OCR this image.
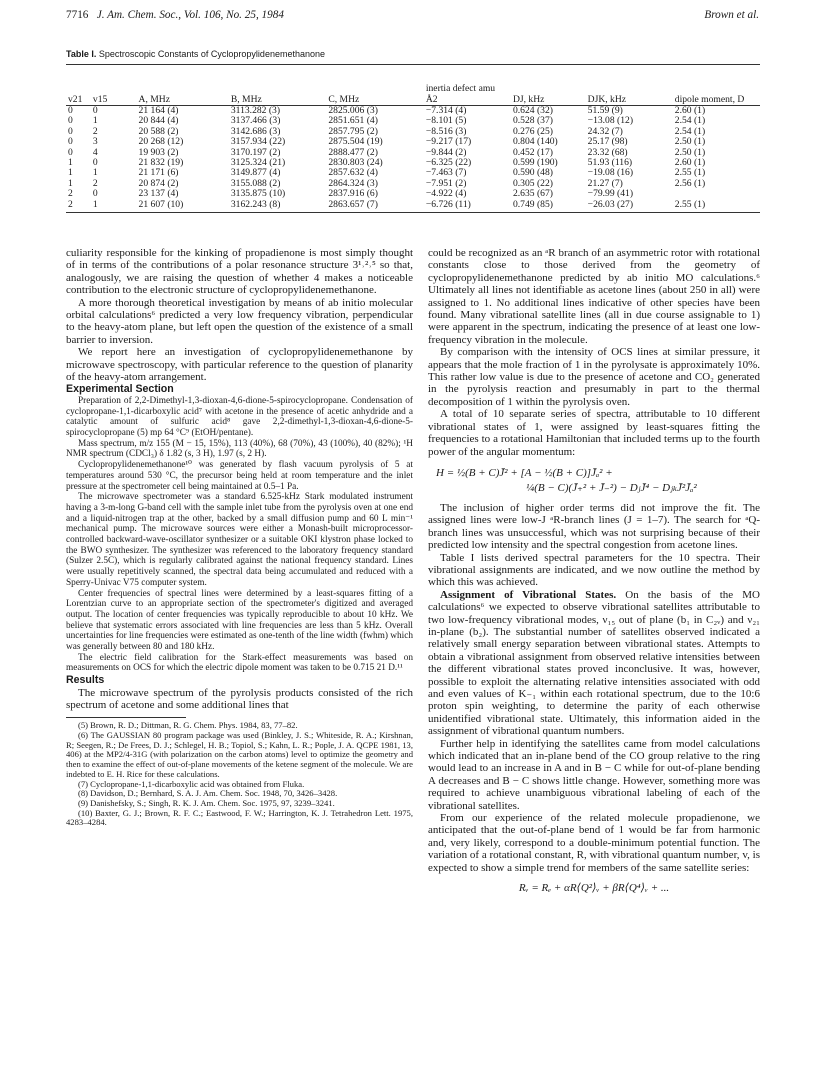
7716 J. Am. Chem. Soc., Vol. 106, No. 25, 1984	Brown et al.
Table I. Spectroscopic Constants of Cyclopropylidenemethanone
v21	v15	A, MHz	B, MHz	C, MHz	inertia defect amu Å2	DJ, kHz	DJK, kHz	dipole moment, D
0	0	21 164 (4)	3113.282 (3)	2825.006 (3)	−7.314 (4)	0.624 (32)	51.59 (9)	2.60 (1)
0	1	20 844 (4)	3137.466 (3)	2851.651 (4)	−8.101 (5)	0.528 (37)	−13.08 (12)	2.54 (1)
0	2	20 588 (2)	3142.686 (3)	2857.795 (2)	−8.516 (3)	0.276 (25)	24.32 (7)	2.54 (1)
0	3	20 268 (12)	3157.934 (22)	2875.504 (19)	−9.217 (17)	0.804 (140)	25.17 (98)	2.50 (1)
0	4	19 903 (2)	3170.197 (2)	2888.477 (2)	−9.844 (2)	0.452 (17)	23.32 (68)	2.50 (1)
1	0	21 832 (19)	3125.324 (21)	2830.803 (24)	−6.325 (22)	0.599 (190)	51.93 (116)	2.60 (1)
1	1	21 171 (6)	3149.877 (4)	2857.632 (4)	−7.463 (7)	0.590 (48)	−19.08 (16)	2.55 (1)
1	2	20 874 (2)	3155.088 (2)	2864.324 (3)	−7.951 (2)	0.305 (22)	21.27 (7)	2.56 (1)
2	0	23 137 (4)	3135.875 (10)	2837.916 (6)	−4.922 (4)	2.635 (67)	−79.99 (41)	
2	1	21 607 (10)	3162.243 (8)	2863.657 (7)	−6.726 (11)	0.749 (85)	−26.03 (27)	2.55 (1)

culiarity responsible for the kinking of propadienone is most simply thought of in terms of the contributions of a polar resonance structure 3¹˒²˒⁵ so that, analogously, we are raising the question of whether 4 makes a noticeable contribution to the electronic structure of cyclopropylidenemethanone.

A more thorough theoretical investigation by means of ab initio molecular orbital calculations⁶ predicted a very low frequency vibration, perpendicular to the heavy-atom plane, but left open the question of the existence of a small barrier to inversion.

We report here an investigation of cyclopropylidenemethanone by microwave spectroscopy, with particular reference to the question of planarity of the heavy-atom arrangement.

Experimental Section

Preparation of 2,2-Dimethyl-1,3-dioxan-4,6-dione-5-spirocyclopropane. Condensation of cyclopropane-1,1-dicarboxylic acid⁷ with acetone in the presence of acetic anhydride and a catalytic amount of sulfuric acid⁸ gave 2,2-dimethyl-1,3-dioxan-4,6-dione-5-spirocyclopropane (5) mp 64 °C⁹ (EtOH/pentane).

Mass spectrum, m/z 155 (M − 15, 15%), 113 (40%), 68 (70%), 43 (100%), 40 (82%); ¹H NMR spectrum (CDCl₃) δ 1.82 (s, 3 H), 1.97 (s, 2 H).

Cyclopropylidenemethanone¹⁰ was generated by flash vacuum pyrolysis of 5 at temperatures around 530 °C, the precursor being held at room temperature and the inlet pressure at the spectrometer cell being maintained at 0.5–1 Pa.

The microwave spectrometer was a standard 6.525-kHz Stark modulated instrument having a 3-m-long G-band cell with the sample inlet tube from the pyrolysis oven at one end and a liquid-nitrogen trap at the other, backed by a small diffusion pump and 60 L min⁻¹ mechanical pump. The microwave sources were either a Monash-built microprocessor-controlled backward-wave-oscillator synthesizer or a suitable OKI klystron phase locked to the BWO synthesizer. The synthesizer was referenced to the laboratory frequency standard (Sulzer 2.5C), which is regularly calibrated against the national frequency standard. Lines were usually repetitively scanned, the spectral data being accumulated and reduced with a Sperry-Univac V75 computer system.

Center frequencies of spectral lines were determined by a least-squares fitting of a Lorentzian curve to an appropriate section of the spectrometer's digitized and averaged output. The location of center frequencies was typically reproducible to about 10 kHz. We believe that systematic errors associated with line frequencies are less than 5 kHz. Overall uncertainties for line frequencies were estimated as one-tenth of the line width (fwhm) which was generally between 80 and 180 kHz.

The electric field calibration for the Stark-effect measurements was based on measurements on OCS for which the electric dipole moment was taken to be 0.715 21 D.¹¹

Results

The microwave spectrum of the pyrolysis products consisted of the rich spectrum of acetone and some additional lines that

(5) Brown, R. D.; Dittman, R. G. Chem. Phys. 1984, 83, 77–82.

(6) The GAUSSIAN 80 program package was used (Binkley, J. S.; Whiteside, R. A.; Kirshnan, R; Seegen, R.; De Frees, D. J.; Schlegel, H. B.; Topiol, S.; Kahn, L. R.; Pople, J. A. QCPE 1981, 13, 406) at the MP2/4-31G (with polarization on the carbon atoms) level to optimize the geometry and then to examine the effect of out-of-plane movements of the ketene segment of the molecule. We are indebted to E. H. Rice for these calculations.

(7) Cyclopropane-1,1-dicarboxylic acid was obtained from Fluka.

(8) Davidson, D.; Bernhard, S. A. J. Am. Chem. Soc. 1948, 70, 3426–3428.

(9) Danishefsky, S.; Singh, R. K. J. Am. Chem. Soc. 1975, 97, 3239–3241.

(10) Baxter, G. J.; Brown, R. F. C.; Eastwood, F. W.; Harrington, K. J. Tetrahedron Lett. 1975, 4283–4284.

could be recognized as an ᵃR branch of an asymmetric rotor with rotational constants close to those derived from the geometry of cyclopropylidenemethanone predicted by ab initio MO calculations.⁶ Ultimately all lines not identifiable as acetone lines (about 250 in all) were assigned to 1. No additional lines indicative of other species have been found. Many vibrational satellite lines (all in due course assignable to 1) were apparent in the spectrum, indicating the presence of at least one low-frequency vibration in the molecule.

By comparison with the intensity of OCS lines at similar pressure, it appears that the mole fraction of 1 in the pyrolysate is approximately 10%. This rather low value is due to the presence of acetone and CO₂ generated in the pyrolysis reaction and presumably in part to the thermal decomposition of 1 within the pyrolysis oven.

A total of 10 separate series of spectra, attributable to 10 different vibrational states of 1, were assigned by least-squares fitting the frequencies to a rotational Hamiltonian that included terms up to the fourth power of the angular momentum:

H = ½(B + C)J̄² + [A − ½(B + C)]J̄ₐ² +
¼(B − C)(J̄₊² + J̄₋²) − DⱼJ̄⁴ − DⱼₖJ̄²J̄ₐ²

The inclusion of higher order terms did not improve the fit. The assigned lines were low-J ᵃR-branch lines (J = 1–7). The search for ᵃQ-branch lines was unsuccessful, which was not surprising because of their predicted low intensity and the spectral congestion from acetone lines.

Table I lists derived spectral parameters for the 10 spectra. Their vibrational assignments are indicated, and we now outline the method by which this was achieved.

Assignment of Vibrational States. On the basis of the MO calculations⁶ we expected to observe vibrational satellites attributable to two low-frequency vibrational modes, ν₁₅ out of plane (b₁ in C₂ᵥ) and ν₂₁ in-plane (b₂). The substantial number of satellites observed indicated a relatively small energy separation between vibrational states. Attempts to obtain a vibrational assignment from observed relative intensities between the different vibrational states proved inconclusive. It was, however, possible to exploit the alternating relative intensities associated with odd and even values of K₋₁ within each rotational spectrum, due to the 10:6 proton spin weighting, to determine the parity of each otherwise unidentified vibrational state. Ultimately, this information aided in the assignment of vibrational quantum numbers.

Further help in identifying the satellites came from model calculations which indicated that an in-plane bend of the CO group relative to the ring would lead to an increase in A and in B − C while for out-of-plane bending A decreases and B − C shows little change. However, something more was required to achieve unambiguous vibrational labeling of each of the vibrational satellites.

From our experience of the related molecule propadienone, we anticipated that the out-of-plane bend of 1 would be far from harmonic and, very likely, correspond to a double-minimum potential function. The variation of a rotational constant, R, with vibrational quantum number, v, is expected to show a simple trend for members of the same satellite series:

Rᵥ = Rₑ + αR⟨Q²⟩ᵥ + βR⟨Q⁴⟩ᵥ + ...
